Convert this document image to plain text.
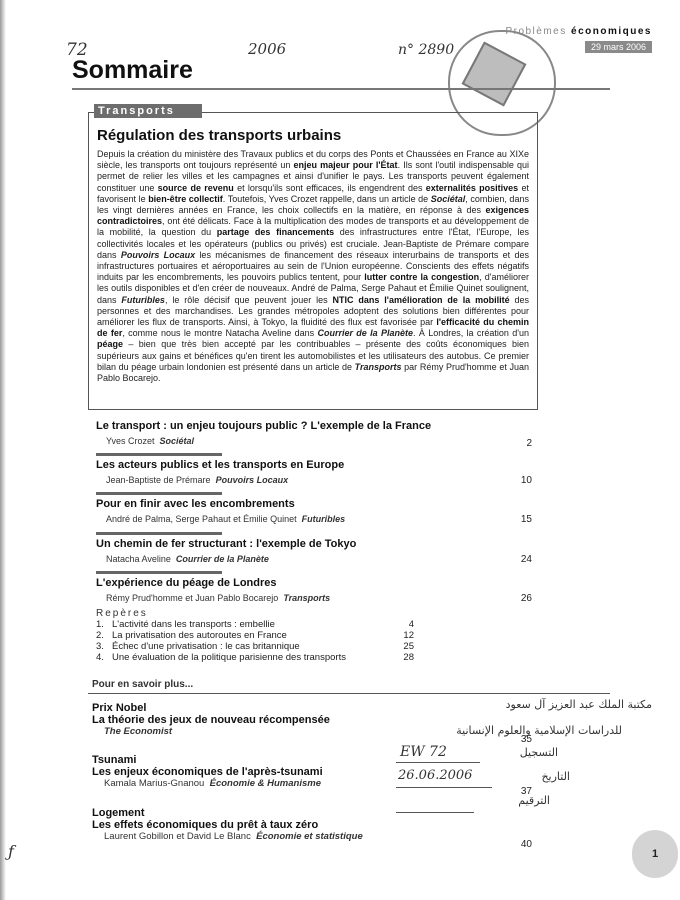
72	2006	n° 2890
Problèmes économiques
29 mars 2006
Sommaire
Régulation des transports urbains
Depuis la création du ministère des Travaux publics et du corps des Ponts et Chaussées en France au XIXe siècle, les transports ont toujours représenté un enjeu majeur pour l'État. Ils sont l'outil indispensable qui permet de relier les villes et les campagnes et ainsi d'unifier le pays. Les transports peuvent également constituer une source de revenu et lorsqu'ils sont efficaces, ils engendrent des externalités positives et favorisent le bien-être collectif. Toutefois, Yves Crozet rappelle, dans un article de Sociétal, combien, dans les vingt dernières années en France, les choix collectifs en la matière, en réponse à des exigences contradictoires, ont été délicats. Face à la multiplication des modes de transports et au développement de la mobilité, la question du partage des financements des infrastructures entre l'État, l'Europe, les collectivités locales et les opérateurs (publics ou privés) est cruciale. Jean-Baptiste de Prémare compare dans Pouvoirs Locaux les mécanismes de financement des réseaux interurbains de transports et des infrastructures portuaires et aéroportuaires au sein de l'Union européenne. Conscients des effets négatifs induits par les encombrements, les pouvoirs publics tentent, pour lutter contre la congestion, d'améliorer les outils disponibles et d'en créer de nouveaux. André de Palma, Serge Pahaut et Émilie Quinet soulignent, dans Futuribles, le rôle décisif que peuvent jouer les NTIC dans l'amélioration de la mobilité des personnes et des marchandises. Les grandes métropoles adoptent des solutions bien différentes pour améliorer les flux de transports. Ainsi, à Tokyo, la fluidité des flux est favorisée par l'efficacité du chemin de fer, comme nous le montre Natacha Aveline dans Courrier de la Planète. À Londres, la création d'un péage – bien que très bien accepté par les contribuables – présente des coûts économiques bien supérieurs aux gains et bénéfices qu'en tirent les automobilistes et les utilisateurs des autobus. Ce premier bilan du péage urbain londonien est présenté dans un article de Transports par Rémy Prud'homme et Juan Pablo Bocarejo.
Transports
Le transport : un enjeu toujours public ? L'exemple de la France
Yves Crozet Sociétal	2
Les acteurs publics et les transports en Europe
Jean-Baptiste de Prémare Pouvoirs Locaux	10
Pour en finir avec les encombrements
André de Palma, Serge Pahaut et Émilie Quinet Futuribles	15
Un chemin de fer structurant : l'exemple de Tokyo
Natacha Aveline Courrier de la Planète	24
L'expérience du péage de Londres
Rémy Prud'homme et Juan Pablo Bocarejo Transports	26
Repères
1. L'activité dans les transports : embellie	4
2. La privatisation des autoroutes en France	12
3. Échec d'une privatisation : le cas britannique	25
4. Une évaluation de la politique parisienne des transports	28
Pour en savoir plus...
Prix Nobel
La théorie des jeux de nouveau récompensée
The Economist
35
Tsunami
Les enjeux économiques de l'après-tsunami
Kamala Marius-Gnanou Économie & Humanisme
37
Logement
Les effets économiques du prêt à taux zéro
Laurent Gobillon et David Le Blanc Économie et statistique
40
مكتبة الملك عبد العزيز آل سعود
للدراسات الإسلامية والعلوم الإنسانية
التسجيل
EW 72
التاريخ
26.06.2006
الترقيم
ƒ	1
